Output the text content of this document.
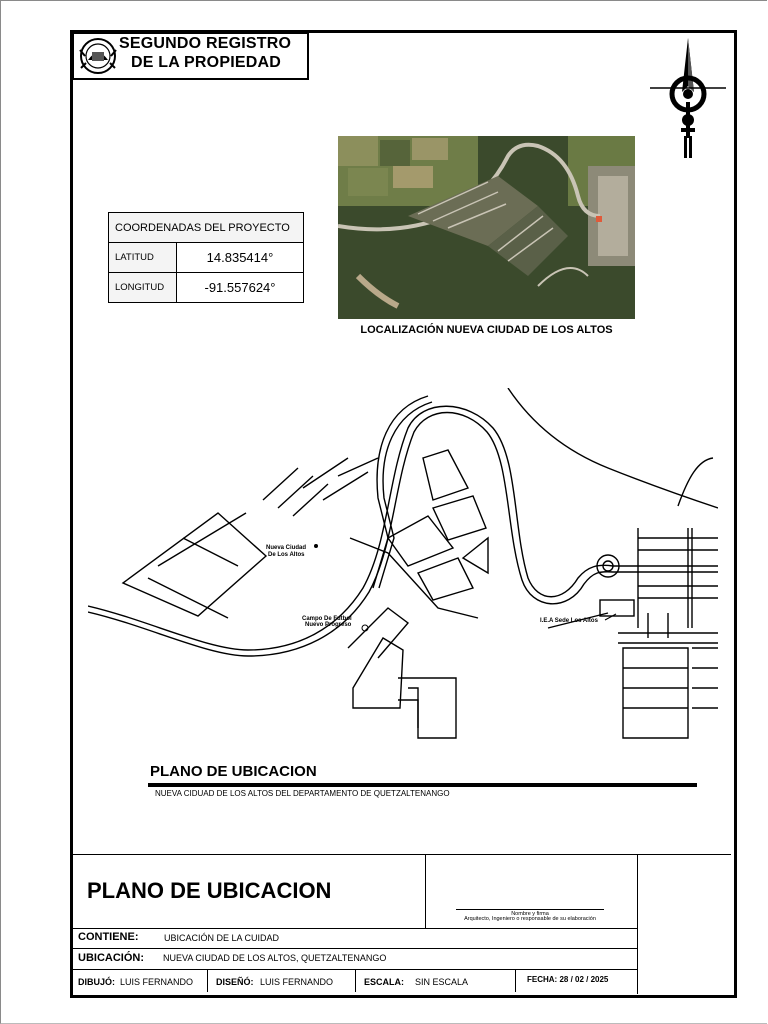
SEGUNDO REGISTRO
DE LA PROPIEDAD
COORDENADAS DEL PROYECTO	
LATITUD	14.835414°
LONGITUD	-91.557624°
LOCALIZACIÓN NUEVA CIUDAD DE LOS ALTOS
Nueva Ciudad
De Los Altos
Campo De Futbol
Nuevo Progreso
I.E.A Sede Los Altos
PLANO DE UBICACION
NUEVA CIDUAD DE LOS ALTOS DEL DEPARTAMENTO DE QUETZALTENANGO
PLANO DE UBICACION
Nombre y firma
Arquitecto, Ingeniero o responsable de su elaboración
CONTIENE:	UBICACIÓN DE LA CUIDAD
UBICACIÓN: NUEVA CIUDAD DE LOS ALTOS, QUETZALTENANGO
DIBUJÓ: LUIS FERNANDO	DISEÑÓ: LUIS FERNANDO	ESCALA: SIN ESCALA	FECHA: 28 / 02 / 2025
